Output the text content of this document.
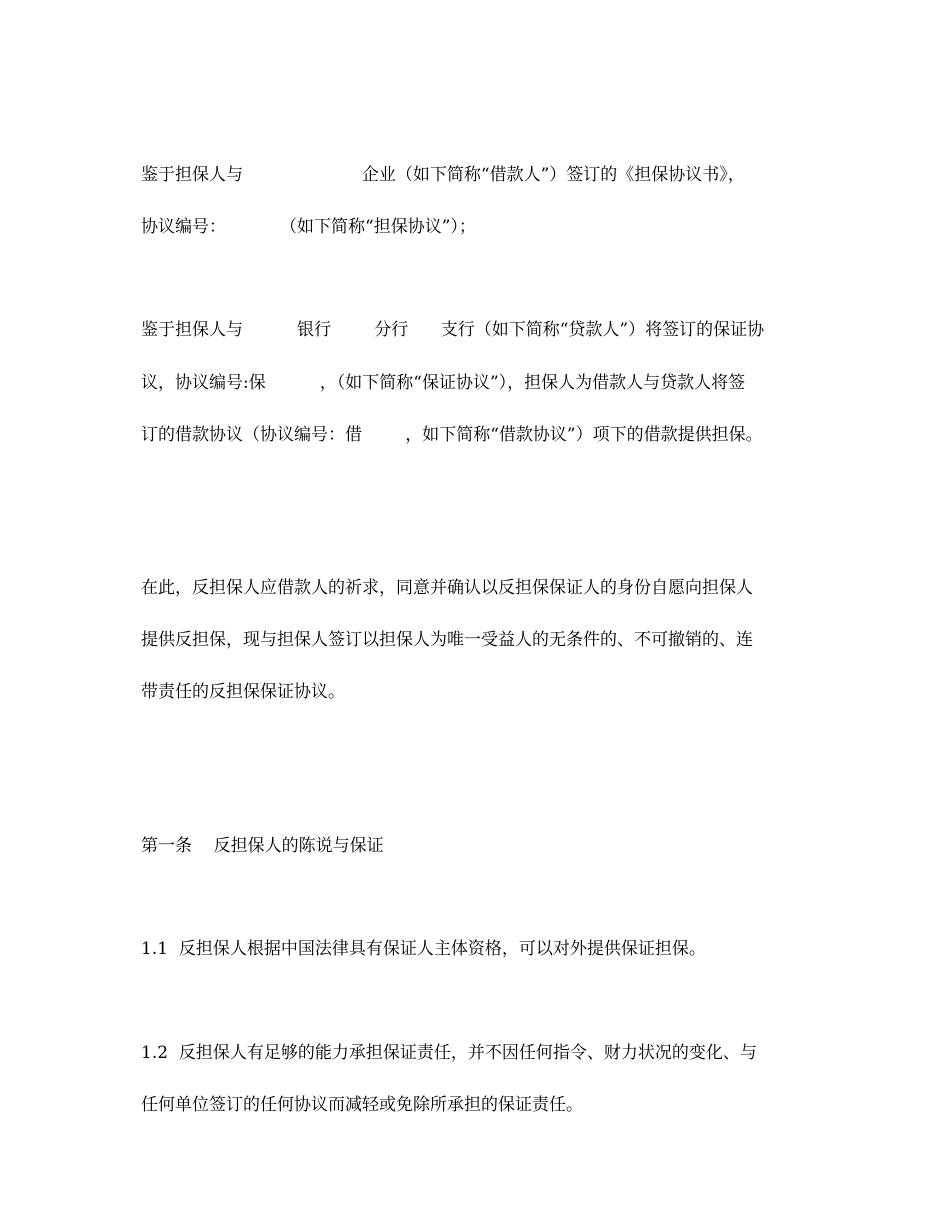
鉴于担保人与                      企业（如下简称“借款人”）签订的《担保协议书》，
协议编号：          （如下简称“担保协议”）；
鉴于担保人与          银行        分行      支行（如下简称“贷款人”）将签订的保证协
议，协议编号:保          ，（如下简称“保证协议”），担保人为借款人与贷款人将签
订的借款协议（协议编号：借        ，如下简称“借款协议”）项下的借款提供担保。
在此，反担保人应借款人的祈求，同意并确认以反担保保证人的身份自愿向担保人
提供反担保，现与担保人签订以担保人为唯一受益人的无条件的、不可撤销的、连
带责任的反担保保证协议。
第一条    反担保人的陈说与保证
1.1  反担保人根据中国法律具有保证人主体资格，可以对外提供保证担保。
1.2  反担保人有足够的能力承担保证责任，并不因任何指令、财力状况的变化、与
任何单位签订的任何协议而减轻或免除所承担的保证责任。
